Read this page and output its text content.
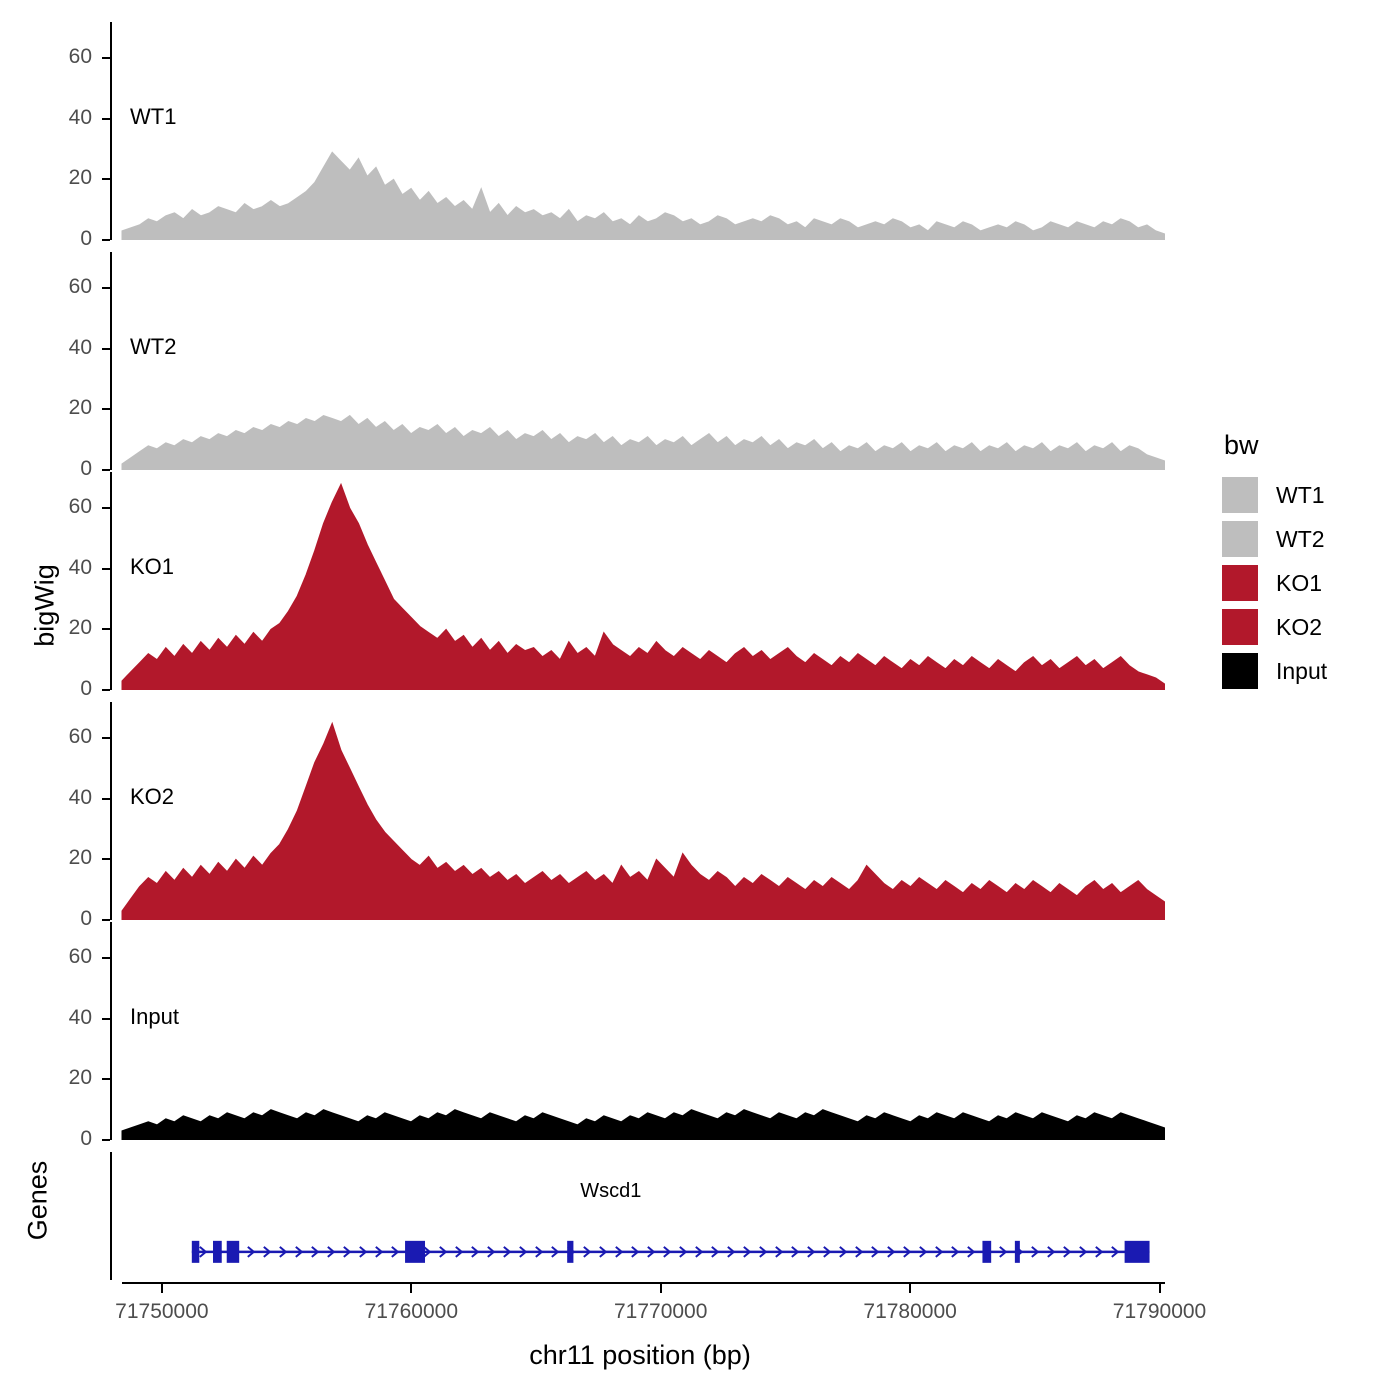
bigWig
Genes
71750000	71760000	71770000	71780000	71790000
chr11 position (bp)
bw
WT1
WT2
KO1
KO2
Input
0
20
40
60
WT1
0
20
40
60
WT2
0
20
40
60
KO1
0
20
40
60
KO2
0
20
40
60
Input
Wscd1
